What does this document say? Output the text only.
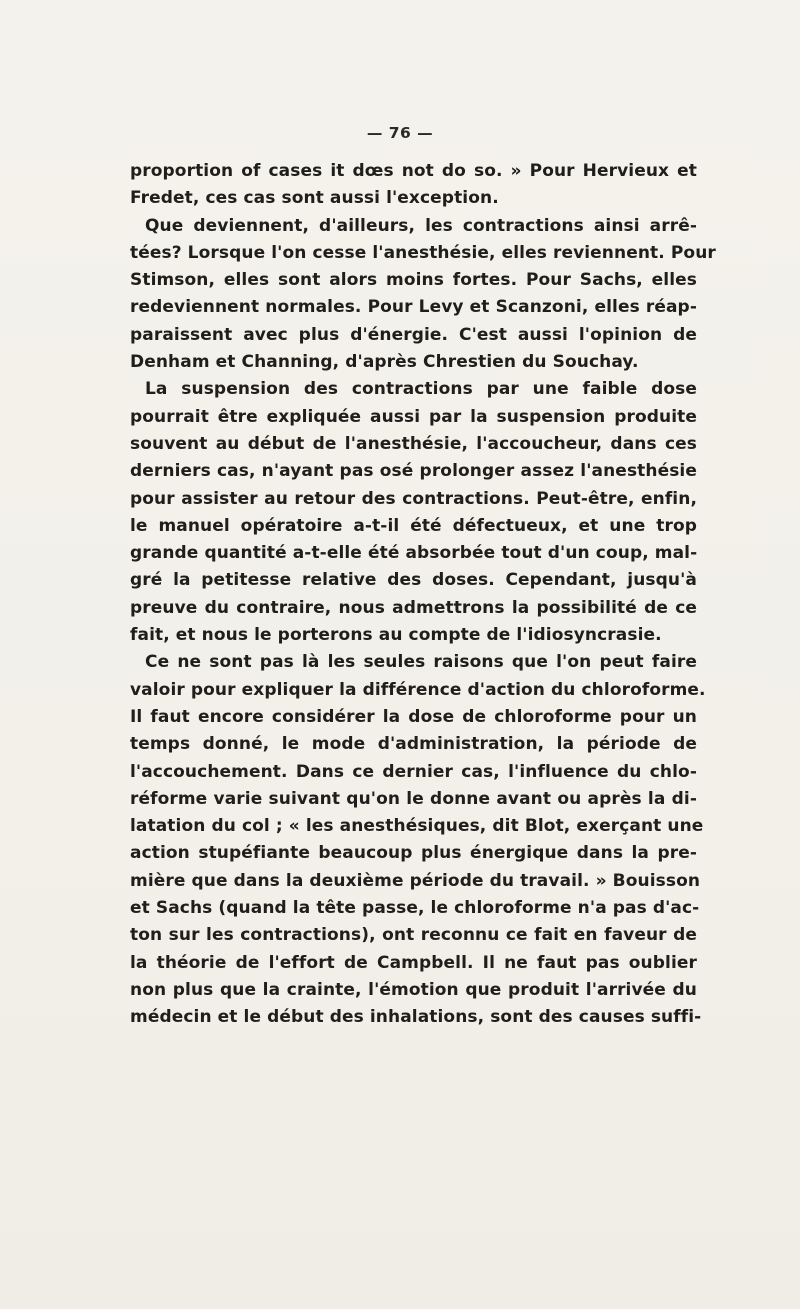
— 76 —
proportion of cases it dœs not do so. » Pour Hervieux et
Fredet, ces cas sont aussi l'exception.
Que deviennent, d'ailleurs, les contractions ainsi arrê-
tées? Lorsque l'on cesse l'anesthésie, elles reviennent. Pour
Stimson, elles sont alors moins fortes. Pour Sachs, elles
redeviennent normales. Pour Levy et Scanzoni, elles réap-
paraissent avec plus d'énergie. C'est aussi l'opinion de
Denham et Channing, d'après Chrestien du Souchay.
La suspension des contractions par une faible dose
pourrait être expliquée aussi par la suspension produite
souvent au début de l'anesthésie, l'accoucheur, dans ces
derniers cas, n'ayant pas osé prolonger assez l'anesthésie
pour assister au retour des contractions. Peut-être, enfin,
le manuel opératoire a-t-il été défectueux, et une trop
grande quantité a-t-elle été absorbée tout d'un coup, mal-
gré la petitesse relative des doses. Cependant, jusqu'à
preuve du contraire, nous admettrons la possibilité de ce
fait, et nous le porterons au compte de l'idiosyncrasie.
Ce ne sont pas là les seules raisons que l'on peut faire
valoir pour expliquer la différence d'action du chloroforme.
Il faut encore considérer la dose de chloroforme pour un
temps donné, le mode d'administration, la période de
l'accouchement. Dans ce dernier cas, l'influence du chlo-
réforme varie suivant qu'on le donne avant ou après la di-
latation du col ; « les anesthésiques, dit Blot, exerçant une
action stupéfiante beaucoup plus énergique dans la pre-
mière que dans la deuxième période du travail. » Bouisson
et Sachs (quand la tête passe, le chloroforme n'a pas d'ac-
ton sur les contractions), ont reconnu ce fait en faveur de
la théorie de l'effort de Campbell. Il ne faut pas oublier
non plus que la crainte, l'émotion que produit l'arrivée du
médecin et le début des inhalations, sont des causes suffi-
